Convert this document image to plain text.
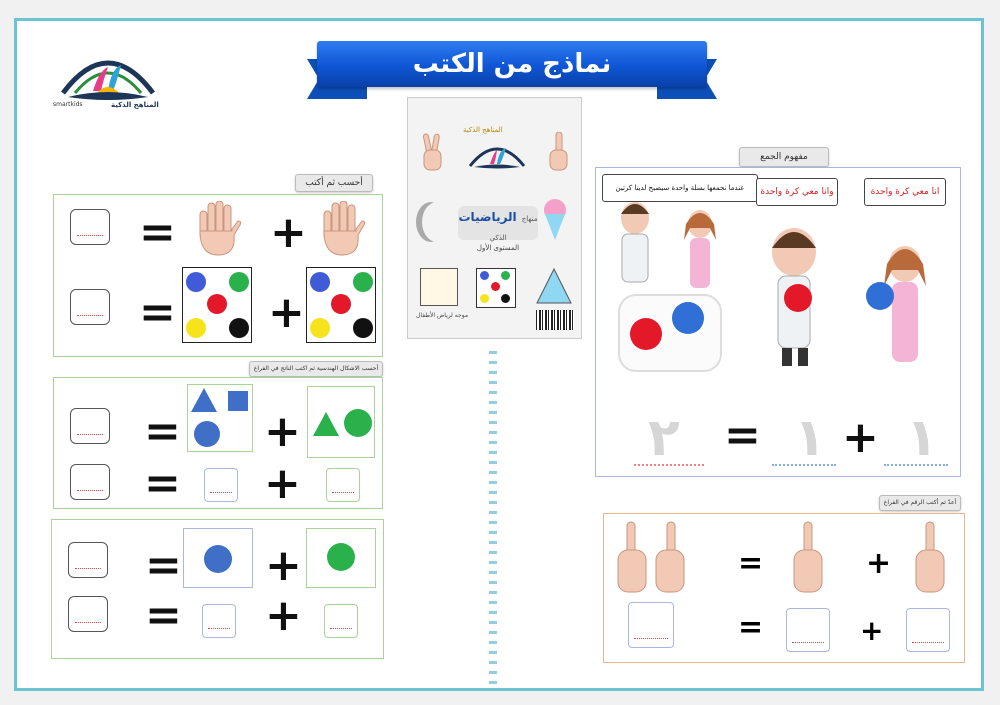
smartkids	المناهج الذكية
نماذج من الكتب
أحسب ثم أكتب
= +
= +
أحسب الاشكال الهندسية ثم اكتب الناتج في الفراغ
= +
= +
= +
= +
المناهج الذكية
منهاج الرياضيات الذكي
المستوى الأول
موجه لرياض الأطفال
مفهوم الجمع
عندما نجمعها بسلة واحدة سيصبح لدينا كرتين	وانا معي كرة واحدة	انا معي كرة واحدة
٢ = ١ + ١
أعدّ ثم أكتب الرقم في الفراغ
=	+
=	+
